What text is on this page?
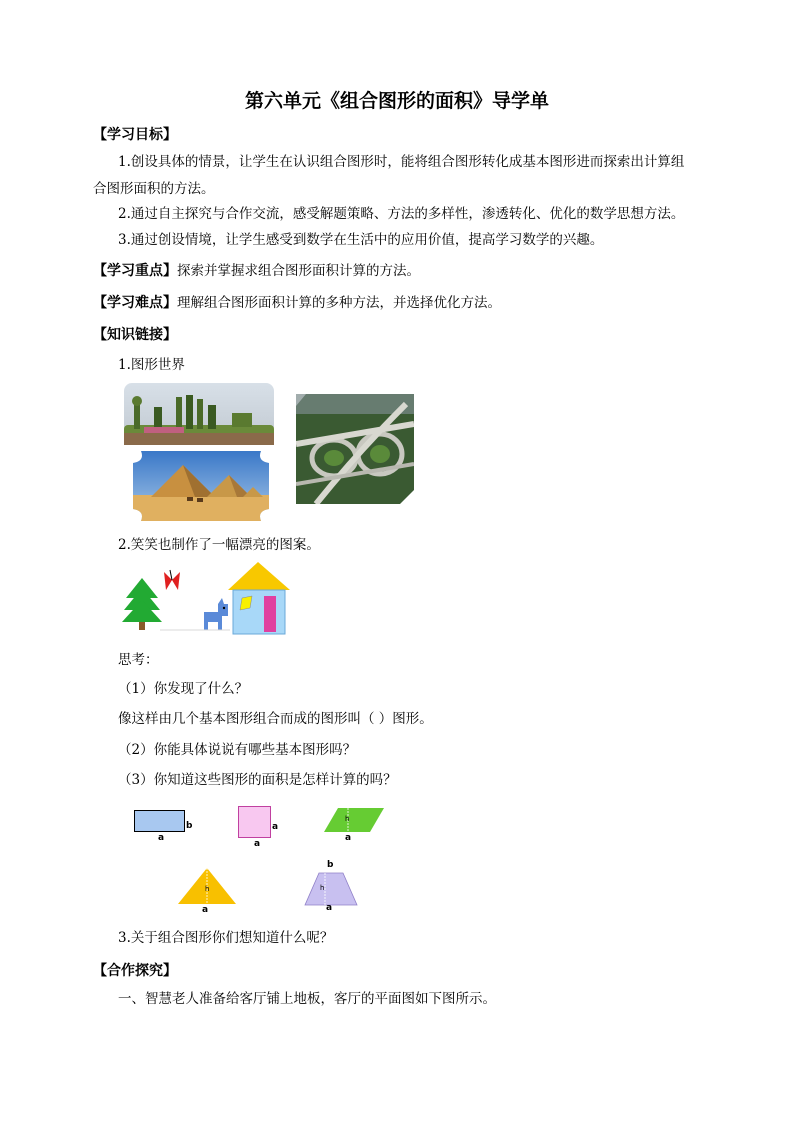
第六单元《组合图形的面积》导学单
【学习目标】
1.创设具体的情景，让学生在认识组合图形时，能将组合图形转化成基本图形进而探索出计算组
合图形面积的方法。
2.通过自主探究与合作交流，感受解题策略、方法的多样性，渗透转化、优化的数学思想方法。
3.通过创设情境，让学生感受到数学在生活中的应用价值，提高学习数学的兴趣。
【学习重点】探索并掌握求组合图形面积计算的方法。
【学习难点】理解组合图形面积计算的多种方法，并选择优化方法。
【知识链接】
1.图形世界
2.笑笑也制作了一幅漂亮的图案。
思考：
（1）你发现了什么？
像这样由几个基本图形组合而成的图形叫（ ）图形。
（2）你能具体说说有哪些基本图形吗？
（3）你知道这些图形的面积是怎样计算的吗？
b
a
a
a
h
a
h
a
b
h
a
3.关于组合图形你们想知道什么呢？
【合作探究】
一、智慧老人准备给客厅铺上地板，客厅的平面图如下图所示。
